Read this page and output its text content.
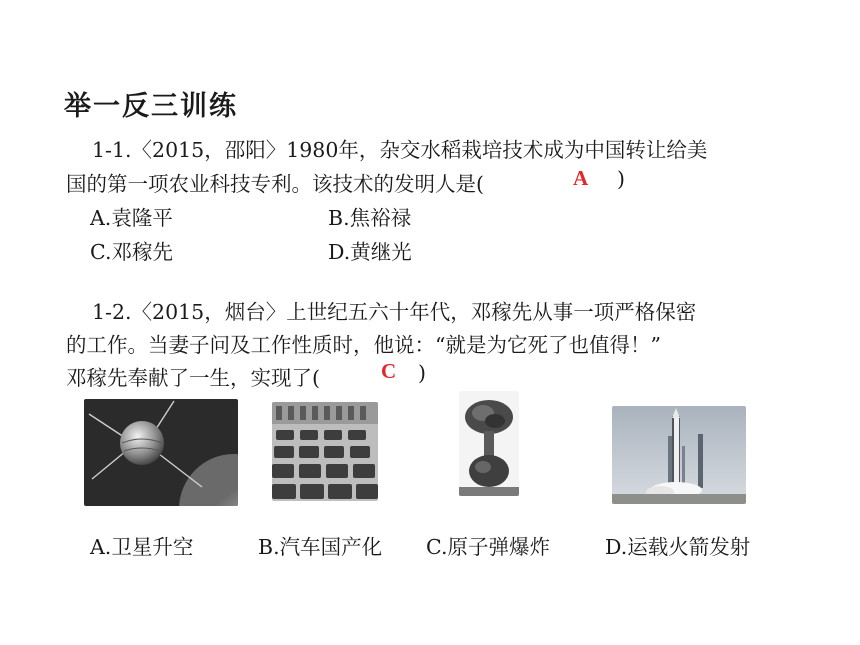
举一反三训练
1-1.〈2015，邵阳〉1980年，杂交水稻栽培技术成为中国转让给美
国的第一项农业科技专利。该技术的发明人是(	A )
A.袁隆平	B.焦裕禄
C.邓稼先	D.黄继光
1-2.〈2015，烟台〉上世纪五六十年代，邓稼先从事一项严格保密
的工作。当妻子问及工作性质时，他说：“就是为它死了也值得！”
邓稼先奉献了一生，实现了(	C )
A.卫星升空	B.汽车国产化 C.原子弹爆炸	D.运载火箭发射
